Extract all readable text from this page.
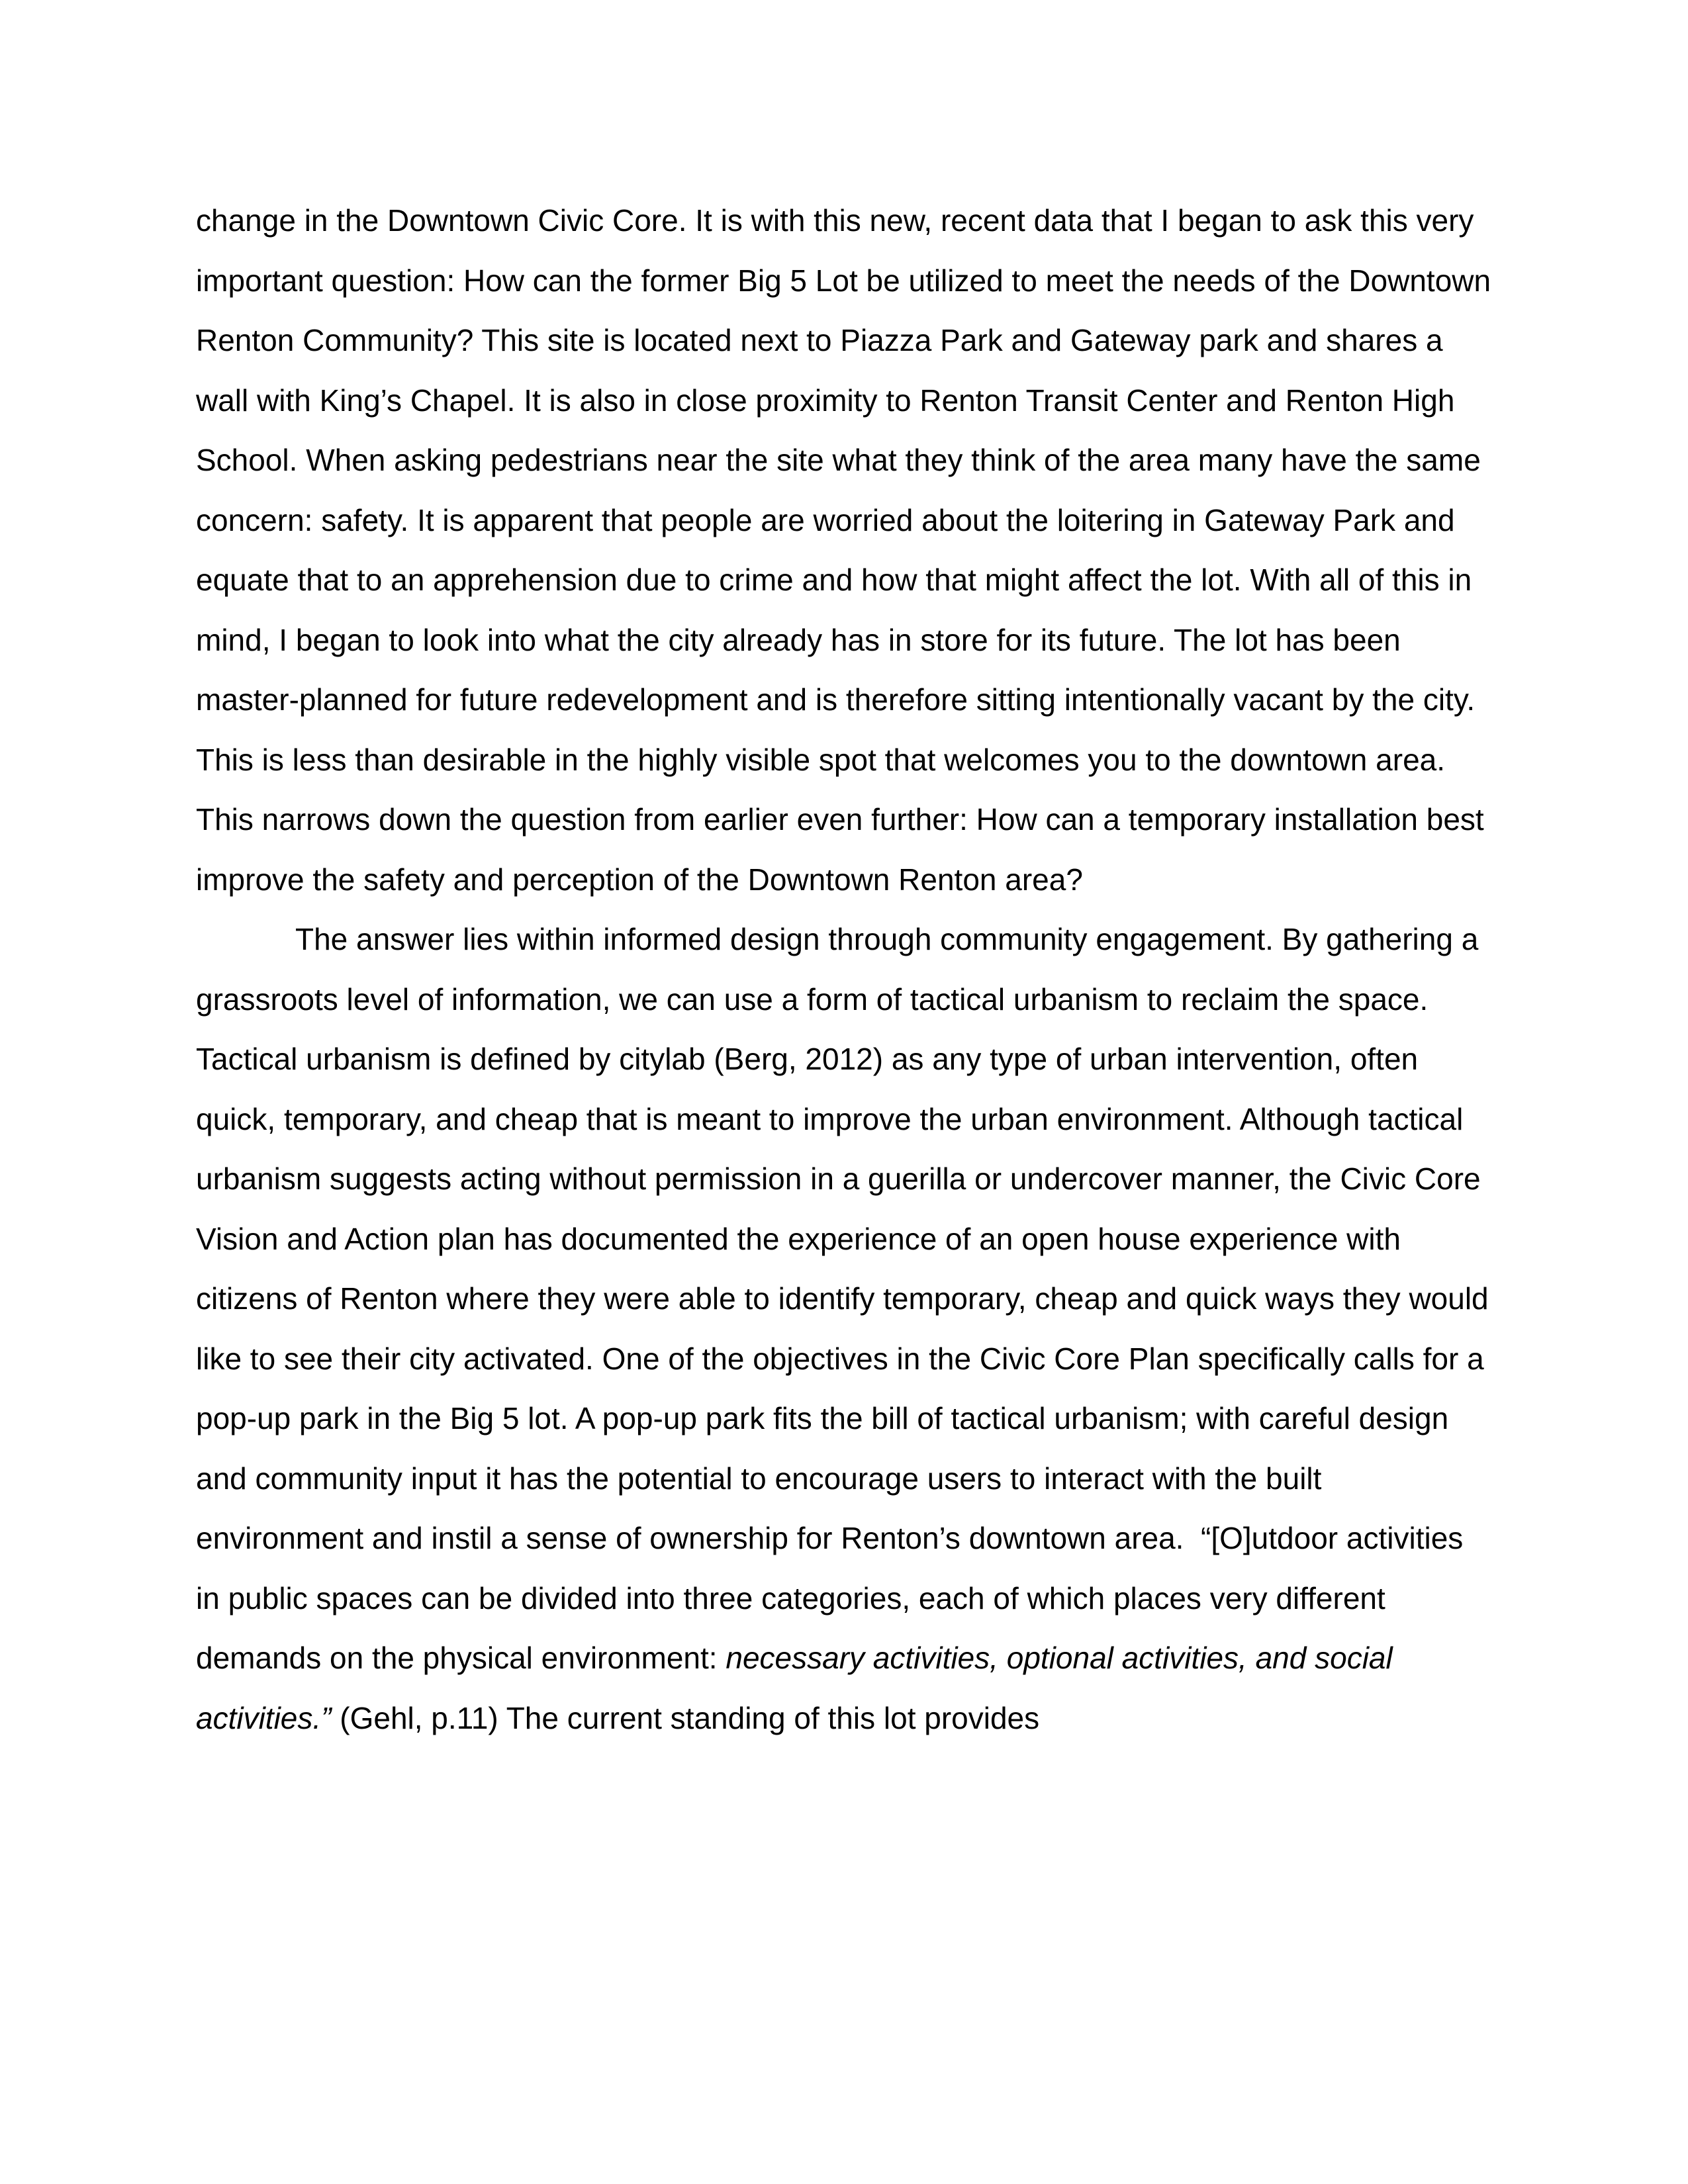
change in the Downtown Civic Core. It is with this new, recent data that I began to ask this very important question: How can the former Big 5 Lot be utilized to meet the needs of the Downtown Renton Community? This site is located next to Piazza Park and Gateway park and shares a wall with King’s Chapel. It is also in close proximity to Renton Transit Center and Renton High School. When asking pedestrians near the site what they think of the area many have the same concern: safety. It is apparent that people are worried about the loitering in Gateway Park and equate that to an apprehension due to crime and how that might affect the lot. With all of this in mind, I began to look into what the city already has in store for its future. The lot has been master-planned for future redevelopment and is therefore sitting intentionally vacant by the city. This is less than desirable in the highly visible spot that welcomes you to the downtown area. This narrows down the question from earlier even further: How can a temporary installation best improve the safety and perception of the Downtown Renton area?

The answer lies within informed design through community engagement. By gathering a grassroots level of information, we can use a form of tactical urbanism to reclaim the space. Tactical urbanism is defined by citylab (Berg, 2012) as any type of urban intervention, often quick, temporary, and cheap that is meant to improve the urban environment. Although tactical urbanism suggests acting without permission in a guerilla or undercover manner, the Civic Core Vision and Action plan has documented the experience of an open house experience with citizens of Renton where they were able to identify temporary, cheap and quick ways they would like to see their city activated. One of the objectives in the Civic Core Plan specifically calls for a pop-up park in the Big 5 lot. A pop-up park fits the bill of tactical urbanism; with careful design and community input it has the potential to encourage users to interact with the built environment and instil a sense of ownership for Renton’s downtown area.  “[O]utdoor activities in public spaces can be divided into three categories, each of which places very different demands on the physical environment: necessary activities, optional activities, and social activities.” (Gehl, p.11) The current standing of this lot provides
